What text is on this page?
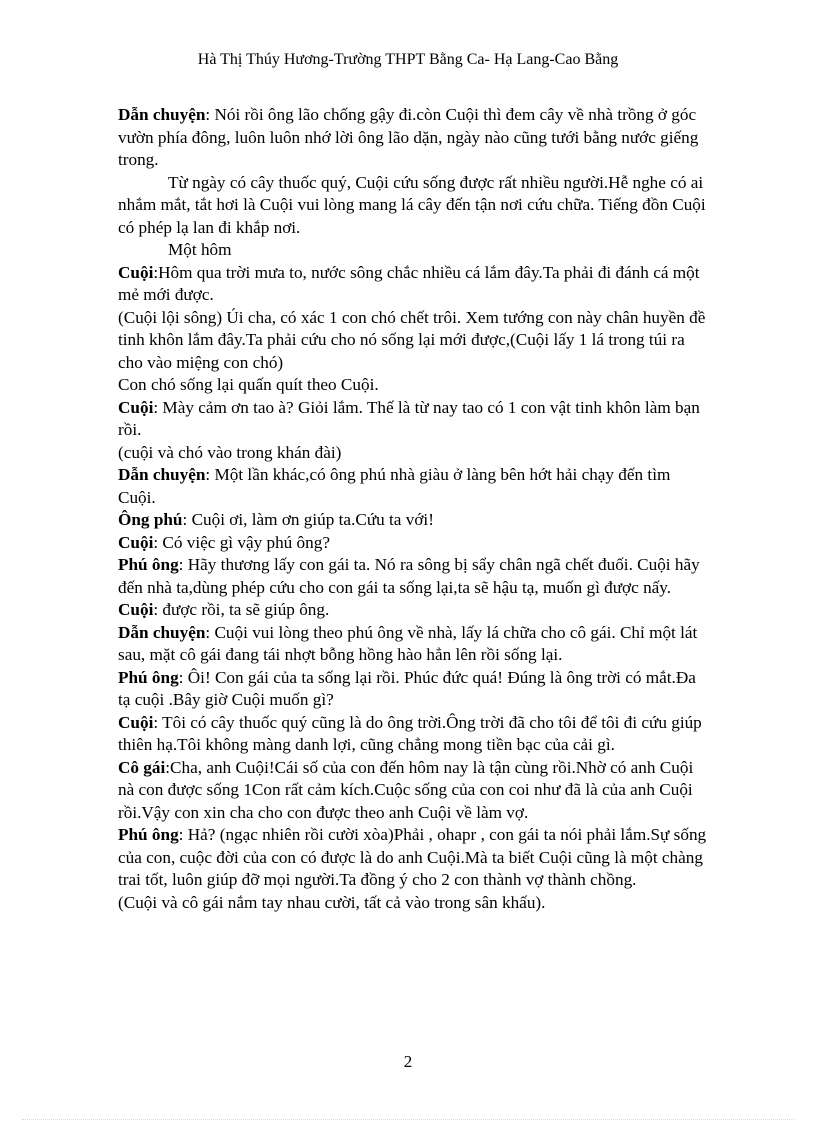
Hà Thị Thúy Hương-Trường THPT Bằng Ca- Hạ Lang-Cao Bằng

Dẫn chuyện: Nói rồi ông lão chống gậy đi.còn Cuội thì đem cây về nhà trồng ở góc vườn phía đông, luôn luôn nhớ lời ông lão dặn, ngày nào cũng tưới bằng nước giếng trong.

Từ ngày có cây thuốc quý, Cuội cứu sống được rất nhiều người.Hễ nghe có ai nhắm mắt, tắt hơi là Cuội vui lòng mang lá cây đến tận nơi cứu chữa. Tiếng đồn Cuội có phép lạ lan đi khắp nơi.

Một hôm

Cuội:Hôm qua trời mưa to, nước sông chắc nhiều cá lắm đây.Ta phải đi đánh cá một mẻ mới được.

(Cuội lội sông) Úi cha, có xác 1 con chó chết trôi. Xem tướng con này chân huyền đề tinh khôn lắm đây.Ta phải cứu cho nó sống lại mới được,(Cuội lấy 1 lá trong túi ra cho vào miệng con chó)

Con chó sống lại quấn quít theo Cuội.

Cuội: Mày cảm ơn tao à? Giỏi lắm. Thế là từ nay tao có 1 con vật tinh khôn làm bạn rồi.

(cuội và chó vào trong khán đài)

Dẫn chuyện: Một lần khác,có ông phú nhà giàu ở làng bên hớt hải chạy đến tìm Cuội.

Ông phú: Cuội ơi, làm ơn giúp ta.Cứu ta với!

Cuội: Có việc gì vậy phú ông?

Phú ông: Hãy thương lấy con gái ta. Nó ra sông bị sẩy chân ngã chết đuối. Cuội hãy đến nhà ta,dùng phép cứu cho con gái ta sống lại,ta sẽ hậu tạ, muốn gì được nấy.

Cuội: được rồi, ta sẽ giúp ông.

Dẫn chuyện: Cuội vui lòng theo phú ông về nhà, lấy lá chữa cho cô gái. Chỉ một lát sau, mặt cô gái đang tái nhợt bỗng hồng hào hẳn lên rồi sống lại.

Phú ông: Ôi! Con gái của ta sống lại rồi. Phúc đức quá! Đúng là ông trời có mắt.Đa tạ cuội .Bây giờ Cuội muốn gì?

Cuội: Tôi có cây thuốc quý cũng là do ông trời.Ông trời đã cho tôi để tôi đi cứu giúp thiên hạ.Tôi không màng danh lợi, cũng chẳng mong tiền bạc của cải gì.

Cô gái:Cha, anh Cuội!Cái số của con đến hôm nay là tận cùng rồi.Nhờ có anh Cuội nà con được sống 1Con rất cảm kích.Cuộc sống của con coi như đã là của anh Cuội rồi.Vậy con xin cha cho con được theo anh Cuội về làm vợ.

Phú ông: Hả? (ngạc nhiên rồi cười xòa)Phải , ohapr , con gái ta nói phải lắm.Sự sống của con, cuộc đời của con có được là do anh Cuội.Mà ta biết Cuội cũng là một chàng trai tốt, luôn giúp đỡ mọi người.Ta đồng ý cho 2 con thành vợ thành chồng.

(Cuội và cô gái nắm tay nhau cười, tất cả vào trong sân khấu).

2
